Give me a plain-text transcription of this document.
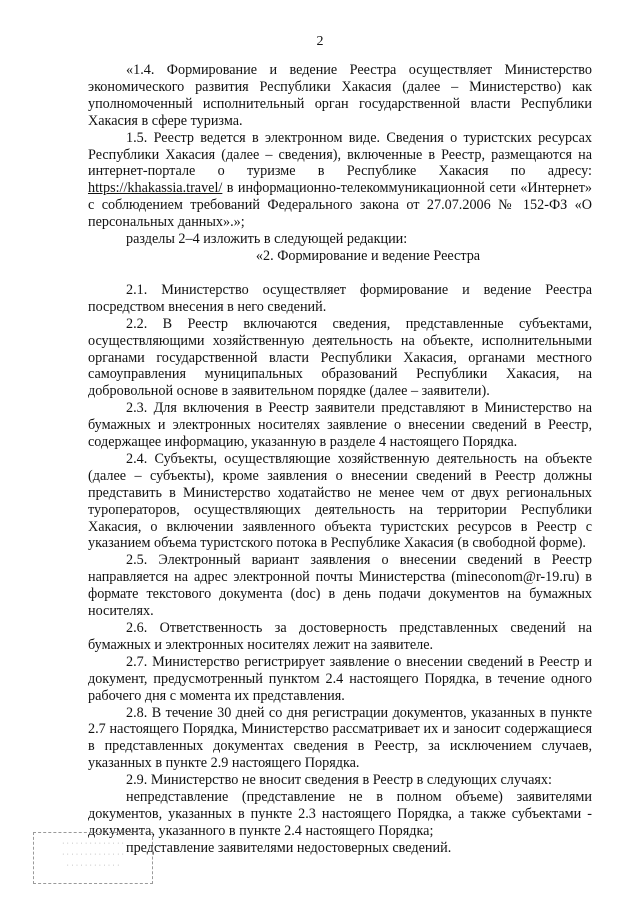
2

«1.4. Формирование и ведение Реестра осуществляет Министерство экономического развития Республики Хакасия (далее – Министерство) как уполномоченный исполнительный орган государственной власти Республики Хакасия в сфере туризма.

1.5. Реестр ведется в электронном виде. Сведения о туристских ресурсах Республики Хакасия (далее – сведения), включенные в Реестр, размещаются на интернет-портале о туризме в Республике Хакасия по адресу: https://khakassia.travel/ в информационно-телекоммуникационной сети «Интернет» с соблюдением требований Федерального закона от 27.07.2006 № 152-ФЗ «О персональных данных».»;

разделы 2–4 изложить в следующей редакции:

«2. Формирование и ведение Реестра

2.1. Министерство осуществляет формирование и ведение Реестра посредством внесения в него сведений.

2.2. В Реестр включаются сведения, представленные субъектами, осуществляющими хозяйственную деятельность на объекте, исполнительными органами государственной власти Республики Хакасия, органами местного самоуправления муниципальных образований Республики Хакасия, на добровольной основе в заявительном порядке (далее – заявители).

2.3. Для включения в Реестр заявители представляют в Министерство на бумажных и электронных носителях заявление о внесении сведений в Реестр, содержащее информацию, указанную в разделе 4 настоящего Порядка.

2.4. Субъекты, осуществляющие хозяйственную деятельность на объекте (далее – субъекты), кроме заявления о внесении сведений в Реестр должны представить в Министерство ходатайство не менее чем от двух региональных туроператоров, осуществляющих деятельность на территории Республики Хакасия, о включении заявленного объекта туристских ресурсов в Реестр с указанием объема туристского потока в Республике Хакасия (в свободной форме).

2.5. Электронный вариант заявления о внесении сведений в Реестр направляется на адрес электронной почты Министерства (mineconom@r-19.ru) в формате текстового документа (doc) в день подачи документов на бумажных носителях.

2.6. Ответственность за достоверность представленных сведений на бумажных и электронных носителях лежит на заявителе.

2.7. Министерство регистрирует заявление о внесении сведений в Реестр и документ, предусмотренный пунктом 2.4 настоящего Порядка, в течение одного рабочего дня с момента их представления.

2.8. В течение 30 дней со дня регистрации документов, указанных в пункте 2.7 настоящего Порядка, Министерство рассматривает их и заносит содержащиеся в представленных документах сведения в Реестр, за исключением случаев, указанных в пункте 2.9 настоящего Порядка.

2.9. Министерство не вносит сведения в Реестр в следующих случаях:

непредставление (представление не в полном объеме) заявителями документов, указанных в пункте 2.3 настоящего Порядка, а также субъектами - документа, указанного в пункте 2.4 настоящего Порядка;

представление заявителями недостоверных сведений.

· · · · · · · · · · · · · ·
· · · · · · · · · · · · · ·
· · · · · · · · · · · ·
